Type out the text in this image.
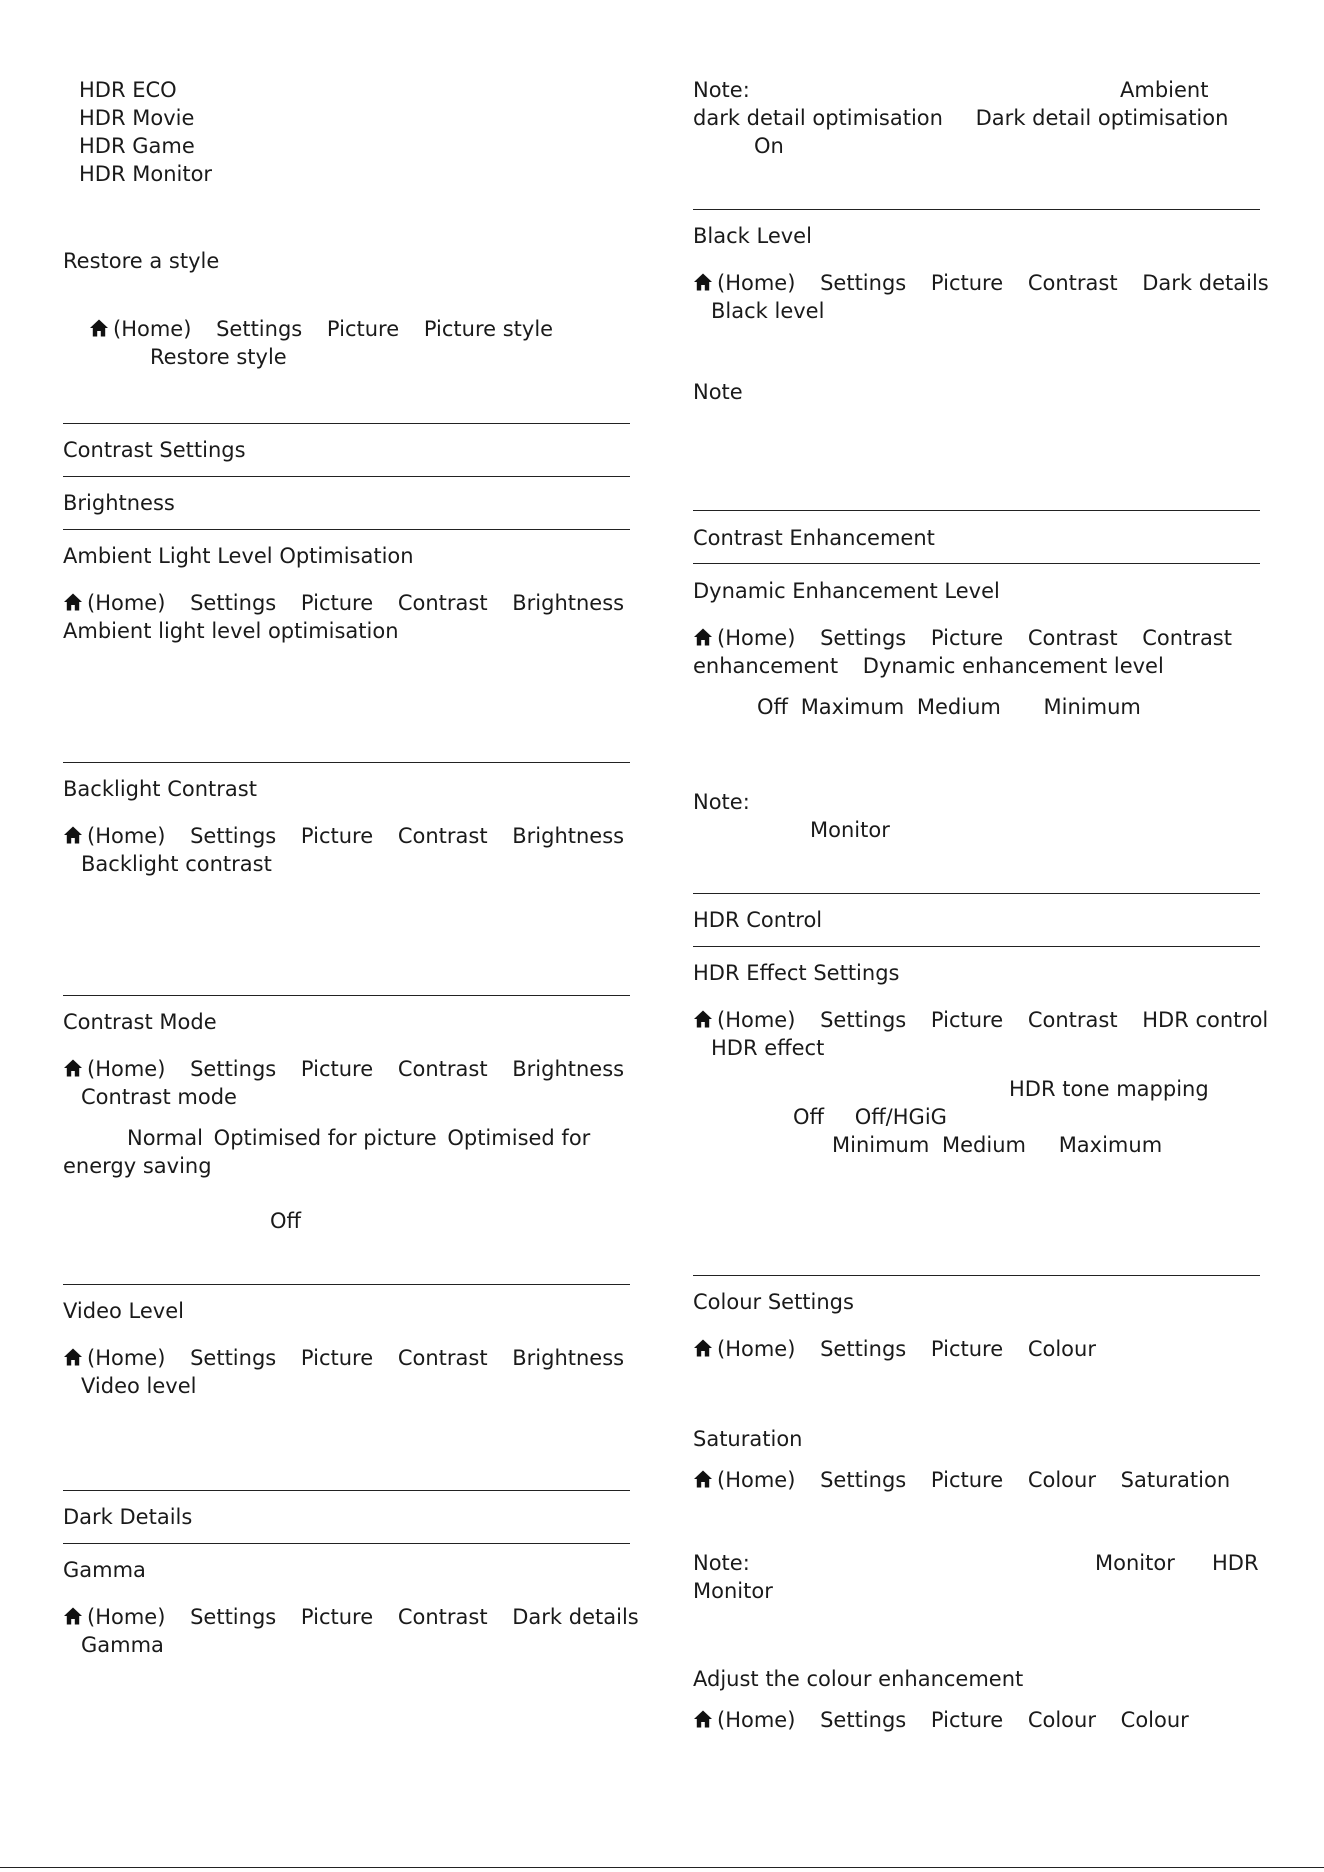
HDR ECO
HDR Movie
HDR Game
HDR Monitor
Restore a style
(Home) Settings Picture Picture style
Restore style
Contrast Settings
Brightness
Ambient Light Level Optimisation
(Home) Settings Picture Contrast Brightness
Ambient light level optimisation
Backlight Contrast
(Home) Settings Picture Contrast Brightness
Backlight contrast
Contrast Mode
(Home) Settings Picture Contrast Brightness
Contrast mode
Normal Optimised for picture Optimised for
energy saving
Off
Video Level
(Home) Settings Picture Contrast Brightness
Video level
Dark Details
Gamma
(Home) Settings Picture Contrast Dark details
Gamma
Note:	Ambient
dark detail optimisation Dark detail optimisation
On
Black Level
(Home) Settings Picture Contrast Dark details
Black level
Note
Contrast Enhancement
Dynamic Enhancement Level
(Home) Settings Picture Contrast Contrast
enhancement Dynamic enhancement level
Off Maximum Medium Minimum
Note:
Monitor
HDR Control
HDR Effect Settings
(Home) Settings Picture Contrast HDR control
HDR effect
HDR tone mapping
Off Off/HGiG
Minimum Medium Maximum
Colour Settings
(Home) Settings Picture Colour
Saturation
(Home) Settings Picture Colour Saturation
Note:	Monitor HDR
Monitor
Adjust the colour enhancement
(Home) Settings Picture Colour Colour
